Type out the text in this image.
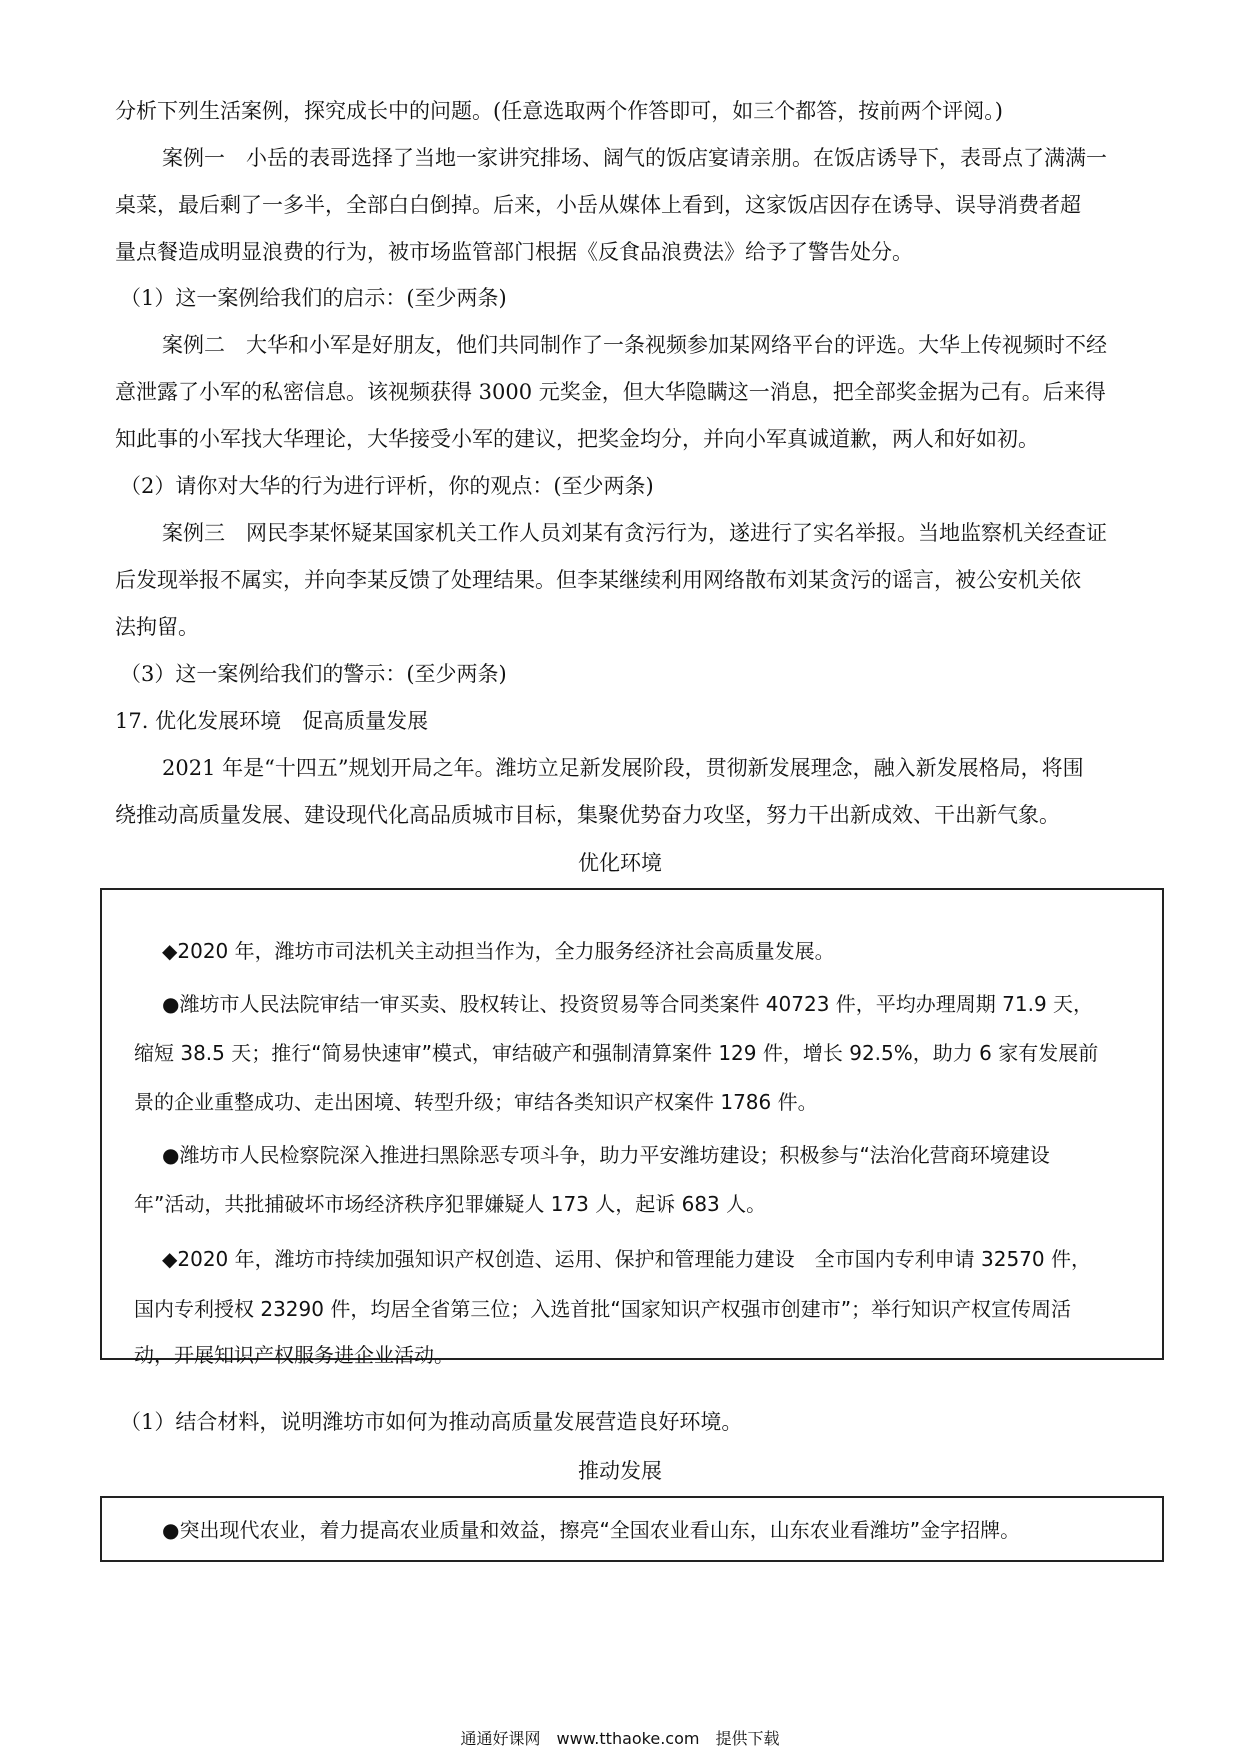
分析下列生活案例，探究成长中的问题。(任意选取两个作答即可，如三个都答，按前两个评阅。)
案例一　小岳的表哥选择了当地一家讲究排场、阔气的饭店宴请亲朋。在饭店诱导下，表哥点了满满一
桌菜，最后剩了一多半，全部白白倒掉。后来，小岳从媒体上看到，这家饭店因存在诱导、误导消费者超
量点餐造成明显浪费的行为，被市场监管部门根据《反食品浪费法》给予了警告处分。
（1）这一案例给我们的启示：(至少两条)
案例二　大华和小军是好朋友，他们共同制作了一条视频参加某网络平台的评选。大华上传视频时不经
意泄露了小军的私密信息。该视频获得 3000 元奖金，但大华隐瞒这一消息，把全部奖金据为己有。后来得
知此事的小军找大华理论，大华接受小军的建议，把奖金均分，并向小军真诚道歉，两人和好如初。
（2）请你对大华的行为进行评析，你的观点：(至少两条)
案例三　网民李某怀疑某国家机关工作人员刘某有贪污行为，遂进行了实名举报。当地监察机关经查证
后发现举报不属实，并向李某反馈了处理结果。但李某继续利用网络散布刘某贪污的谣言，被公安机关依
法拘留。
（3）这一案例给我们的警示：(至少两条)
17. 优化发展环境　促高质量发展
2021 年是“十四五”规划开局之年。潍坊立足新发展阶段，贯彻新发展理念，融入新发展格局，将围
绕推动高质量发展、建设现代化高品质城市目标，集聚优势奋力攻坚，努力干出新成效、干出新气象。
优化环境
◆2020 年，潍坊市司法机关主动担当作为，全力服务经济社会高质量发展。
●潍坊市人民法院审结一审买卖、股权转让、投资贸易等合同类案件 40723 件，平均办理周期 71.9 天，
缩短 38.5 天；推行“简易快速审”模式，审结破产和强制清算案件 129 件，增长 92.5%，助力 6 家有发展前
景的企业重整成功、走出困境、转型升级；审结各类知识产权案件 1786 件。
●潍坊市人民检察院深入推进扫黑除恶专项斗争，助力平安潍坊建设；积极参与“法治化营商环境建设
年”活动，共批捕破坏市场经济秩序犯罪嫌疑人 173 人，起诉 683 人。
◆2020 年，潍坊市持续加强知识产权创造、运用、保护和管理能力建设　全市国内专利申请 32570 件，
国内专利授权 23290 件，均居全省第三位；入选首批“国家知识产权强市创建市”；举行知识产权宣传周活
动，开展知识产权服务进企业活动。
（1）结合材料，说明潍坊市如何为推动高质量发展营造良好环境。
推动发展
●突出现代农业，着力提高农业质量和效益，擦亮“全国农业看山东，山东农业看潍坊”金字招牌。
通通好课网　www.tthaoke.com　提供下载
